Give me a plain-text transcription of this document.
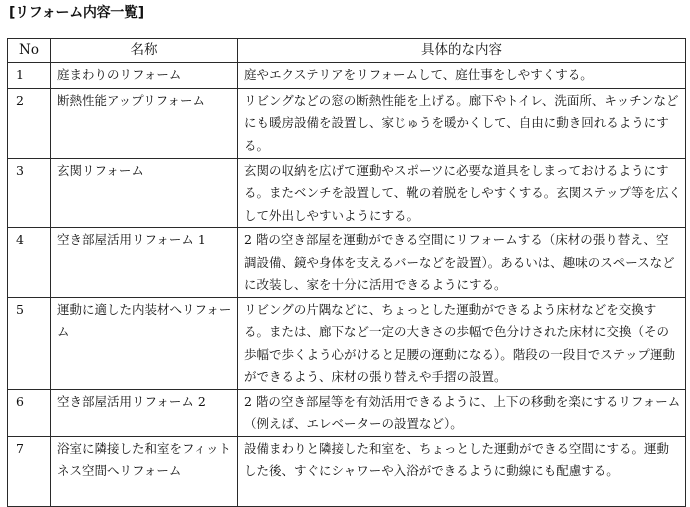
[リフォーム内容一覧]
No	名称	具体的な内容
1	庭まわりのリフォーム	庭やエクステリアをリフォームして、庭仕事をしやすくする。
2	断熱性能アップリフォーム	リビングなどの窓の断熱性能を上げる。廊下やトイレ、洗面所、キッチンなどにも暖房設備を設置し、家じゅうを暖かくして、自由に動き回れるようにする。
3	玄関リフォーム	玄関の収納を広げて運動やスポーツに必要な道具をしまっておけるようにする。またベンチを設置して、靴の着脱をしやすくする。玄関ステップ等を広くして外出しやすいようにする。
4	空き部屋活用リフォーム 1	2 階の空き部屋を運動ができる空間にリフォームする（床材の張り替え、空調設備、鏡や身体を支えるバーなどを設置）。あるいは、趣味のスペースなどに改装し、家を十分に活用できるようにする。
5	運動に適した内装材へリフォーム	リビングの片隅などに、ちょっとした運動ができるよう床材などを交換する。または、廊下など一定の大きさの歩幅で色分けされた床材に交換（その歩幅で歩くよう心がけると足腰の運動になる）。階段の一段目でステップ運動ができるよう、床材の張り替えや手摺の設置。
6	空き部屋活用リフォーム 2	2 階の空き部屋等を有効活用できるように、上下の移動を楽にするリフォーム（例えば、エレベーターの設置など）。
7	浴室に隣接した和室をフィットネス空間へリフォーム	設備まわりと隣接した和室を、ちょっとした運動ができる空間にする。運動した後、すぐにシャワーや入浴ができるように動線にも配慮する。
